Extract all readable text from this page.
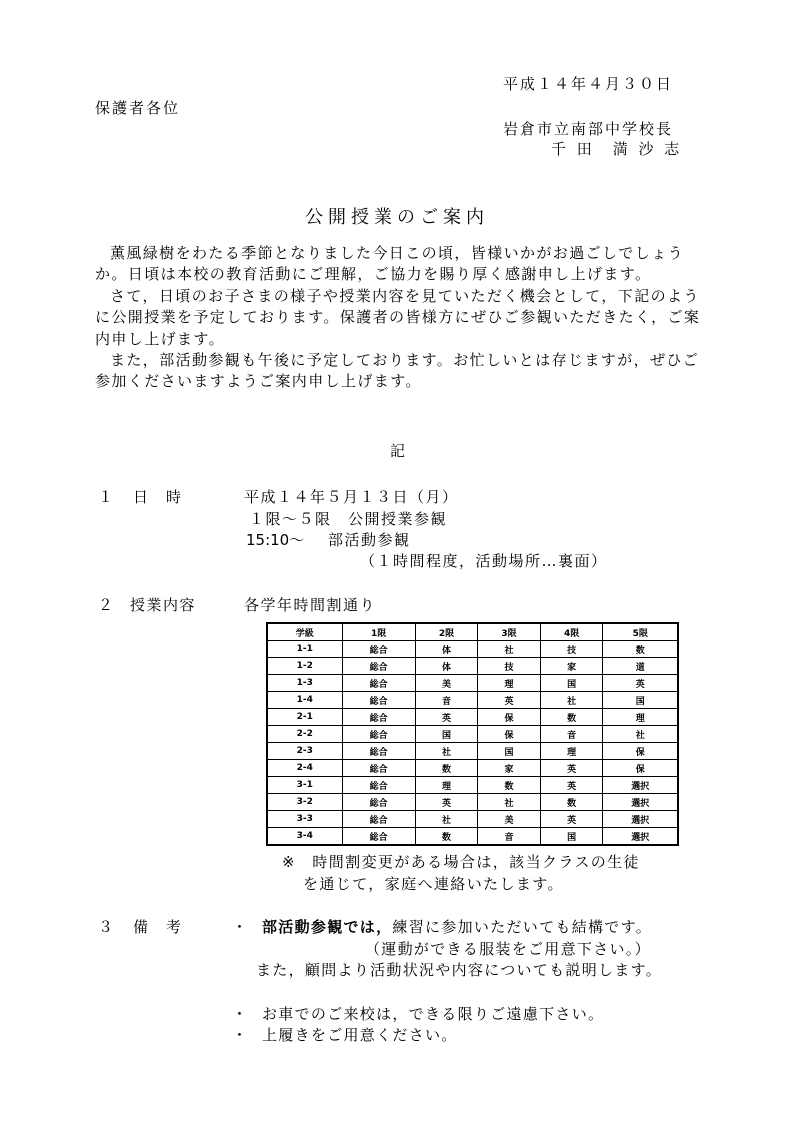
平成１４年４月３０日
保護者各位
岩倉市立南部中学校長
千 田　満 沙 志
公開授業のご案内

薫風緑樹をわたる季節となりました今日この頃，皆様いかがお過ごしでしょうか。日頃は本校の教育活動にご理解，ご協力を賜り厚く感謝申し上げます。

さて，日頃のお子さまの様子や授業内容を見ていただく機会として，下記のように公開授業を予定しております。保護者の皆様方にぜひご参観いただきたく，ご案内申し上げます。

また，部活動参観も午後に予定しております。お忙しいとは存じますが，ぜひご参加くださいますようご案内申し上げます。

記
１ 日時	平成１４年５月１３日（月）
１限～５限　公開授業参観
15:10～ 部活動参観
（１時間程度，活動場所…裏面）
２ 授業内容	各学年時間割通り
学級	1限	2限	3限	4限	5限
1-1	総合	体	社	技	数
1-2	総合	体	技	家	道
1-3	総合	美	理	国	英
1-4	総合	音	英	社	国
2-1	総合	英	保	数	理
2-2	総合	国	保	音	社
2-3	総合	社	国	理	保
2-4	総合	数	家	英	保
3-1	総合	理	数	英	選択
3-2	総合	英	社	数	選択
3-3	総合	社	美	英	選択
3-4	総合	数	音	国	選択
※　時間割変更がある場合は，該当クラスの生徒
を通じて，家庭へ連絡いたします。
３ 備考 ・ 部活動参観では，練習に参加いただいても結構です。
（運動ができる服装をご用意下さい。）
また，顧問より活動状況や内容についても説明します。
・ お車でのご来校は，できる限りご遠慮下さい。
・ 上履きをご用意ください。
